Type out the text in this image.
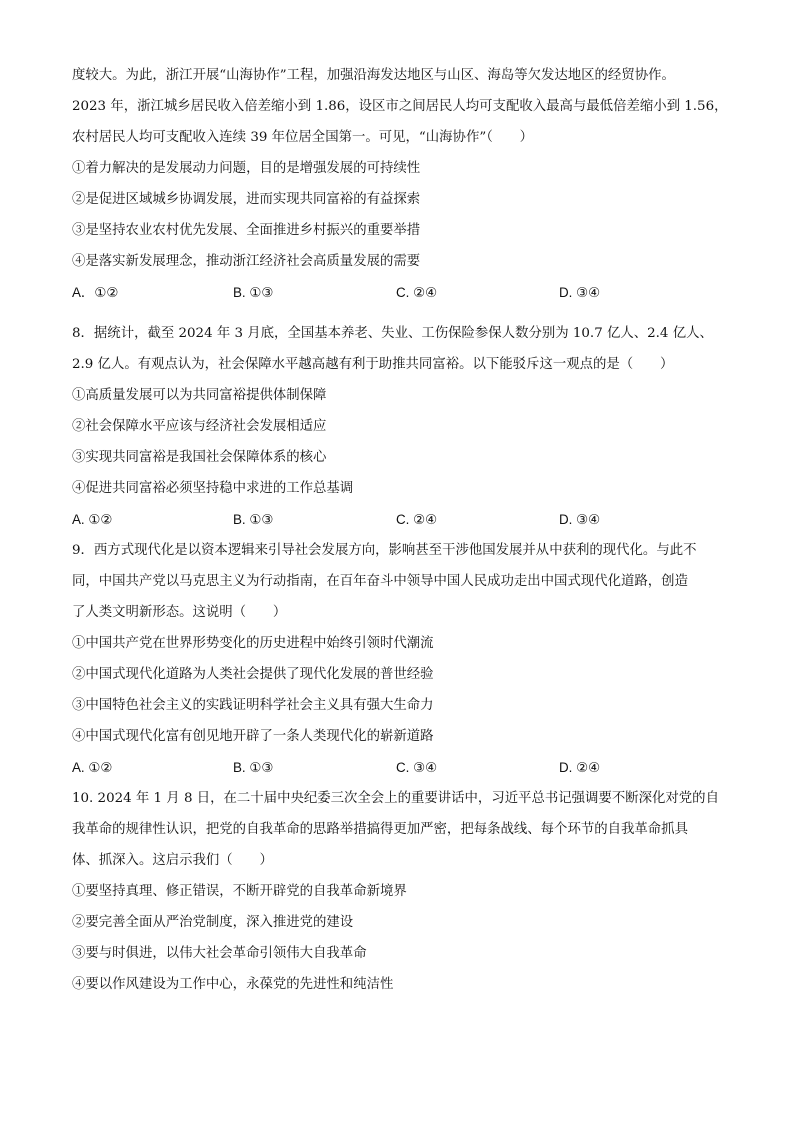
度较大。为此，浙江开展“山海协作”工程，加强沿海发达地区与山区、海岛等欠发达地区的经贸协作。
2023 年，浙江城乡居民收入倍差缩小到 1.86，设区市之间居民人均可支配收入最高与最低倍差缩小到 1.56，
农村居民人均可支配收入连续 39 年位居全国第一。可见，“山海协作”（　　）
①着力解决的是发展动力问题，目的是增强发展的可持续性
②是促进区域城乡协调发展，进而实现共同富裕的有益探索
③是坚持农业农村优先发展、全面推进乡村振兴的重要举措
④是落实新发展理念，推动浙江经济社会高质量发展的需要
A．①②	B. ①③	C. ②④	D. ③④
8．据统计，截至 2024 年 3 月底，全国基本养老、失业、工伤保险参保人数分别为 10.7 亿人、2.4 亿人、
2.9 亿人。有观点认为，社会保障水平越高越有利于助推共同富裕。以下能驳斥这一观点的是（　　）
①高质量发展可以为共同富裕提供体制保障
②社会保障水平应该与经济社会发展相适应
③实现共同富裕是我国社会保障体系的核心
④促进共同富裕必须坚持稳中求进的工作总基调
A. ①②	B. ①③	C. ②④	D. ③④
9．西方式现代化是以资本逻辑来引导社会发展方向，影响甚至干涉他国发展并从中获利的现代化。与此不
同，中国共产党以马克思主义为行动指南，在百年奋斗中领导中国人民成功走出中国式现代化道路，创造
了人类文明新形态。这说明（　　）
①中国共产党在世界形势变化的历史进程中始终引领时代潮流
②中国式现代化道路为人类社会提供了现代化发展的普世经验
③中国特色社会主义的实践证明科学社会主义具有强大生命力
④中国式现代化富有创见地开辟了一条人类现代化的崭新道路
A. ①②	B. ①③	C. ③④	D. ②④
10. 2024 年 1 月 8 日，在二十届中央纪委三次全会上的重要讲话中，习近平总书记强调要不断深化对党的自
我革命的规律性认识，把党的自我革命的思路举措搞得更加严密，把每条战线、每个环节的自我革命抓具
体、抓深入。这启示我们（　　）
①要坚持真理、修正错误，不断开辟党的自我革命新境界
②要完善全面从严治党制度，深入推进党的建设
③要与时俱进，以伟大社会革命引领伟大自我革命
④要以作风建设为工作中心，永葆党的先进性和纯洁性
